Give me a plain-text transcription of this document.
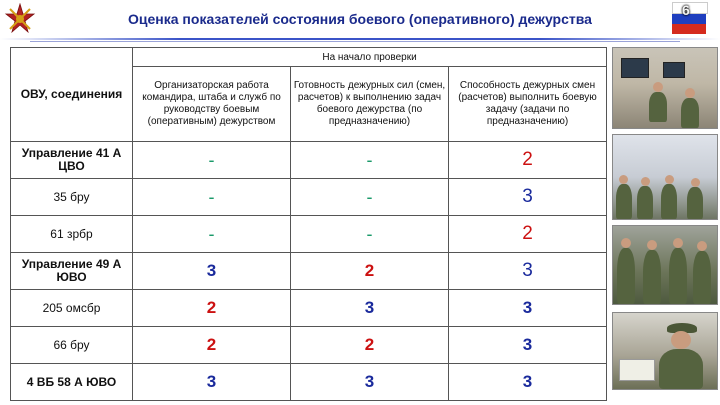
Оценка показателей состояния боевого (оперативного) дежурства
6
ОВУ, соединения	На начало проверки		
	Организаторская работа командира, штаба и служб по руководству боевым (оперативным) дежурством	Готовность дежурных сил (смен, расчетов) к выполнению задач боевого дежурства (по предназначению)	Способность дежурных смен (расчетов) выполнить боевую задачу (задачи по предназначению)
Управление 41 А ЦВО	-	-	2
35 бру	-	-	3
61 зрбр	-	-	2
Управление 49 А ЮВО	3	2	3
205 омсбр	2	3	3
66 бру	2	2	3
4 ВБ 58 А ЮВО	3	3	3
